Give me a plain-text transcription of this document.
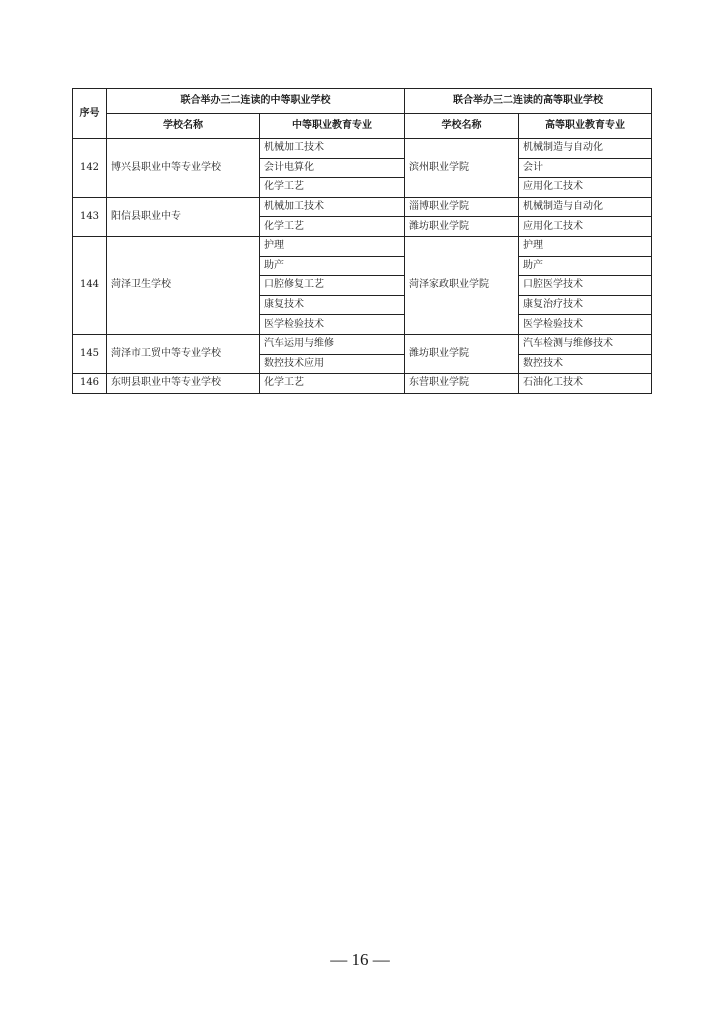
序号	联合举办三二连读的中等职业学校		联合举办三二连读的高等职业学校	
	学校名称	中等职业教育专业	学校名称	高等职业教育专业
142	博兴县职业中等专业学校	机械加工技术	滨州职业学院	机械制造与自动化
		会计电算化		会计
		化学工艺		应用化工技术
143	阳信县职业中专	机械加工技术	淄博职业学院	机械制造与自动化
		化学工艺	潍坊职业学院	应用化工技术
144	菏泽卫生学校	护理	菏泽家政职业学院	护理
		助产		助产
		口腔修复工艺		口腔医学技术
		康复技术		康复治疗技术
		医学检验技术		医学检验技术
145	菏泽市工贸中等专业学校	汽车运用与维修	潍坊职业学院	汽车检测与维修技术
		数控技术应用		数控技术
146	东明县职业中等专业学校	化学工艺	东营职业学院	石油化工技术
— 16 —
